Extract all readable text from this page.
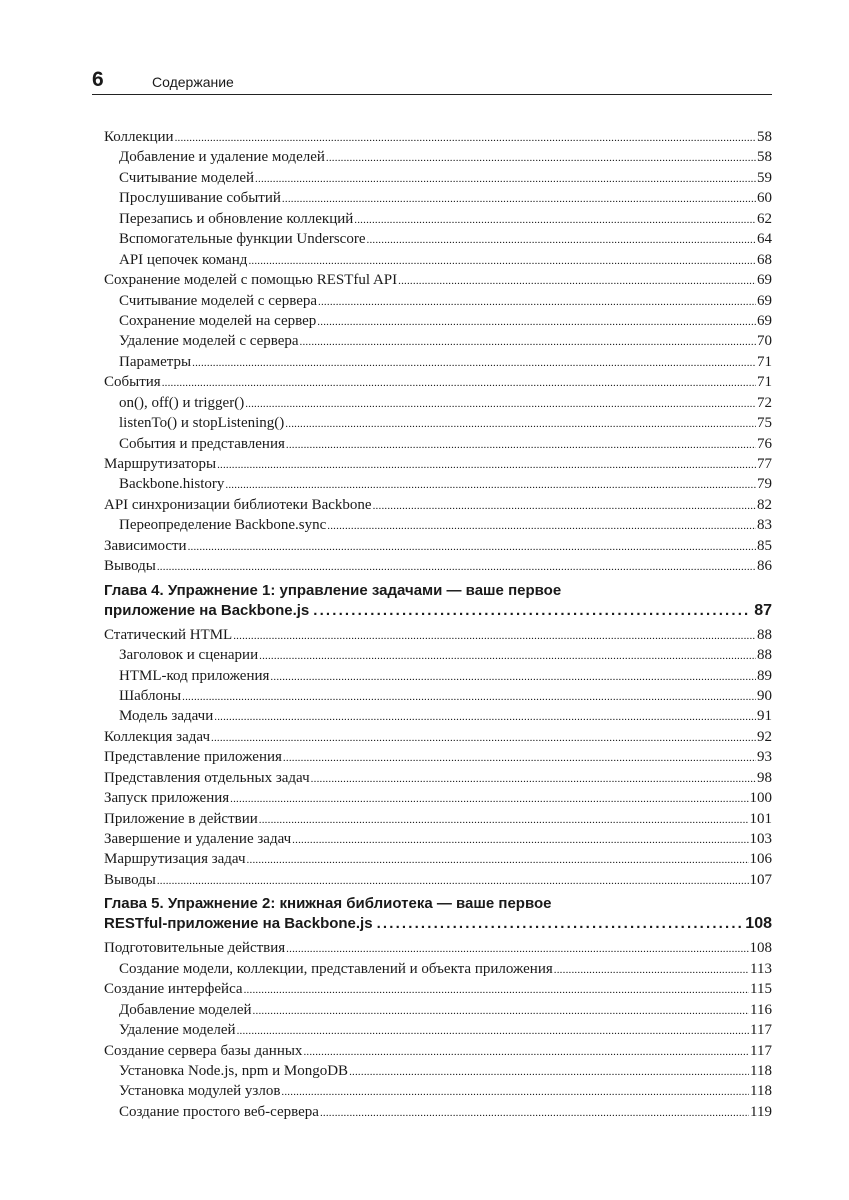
6	Содержание
Коллекции .....	58
Добавление и удаление моделей .....	58
Считывание моделей .....	59
Прослушивание событий .....	60
Перезапись и обновление коллекций .....	62
Вспомогательные функции Underscore .....	64
API цепочек команд .....	68
Сохранение моделей с помощью RESTful API .....	69
Считывание моделей с сервера .....	69
Сохранение моделей на сервер .....	69
Удаление моделей с сервера .....	70
Параметры .....	71
События .....	71
on(), off() и trigger() .....	72
listenTo() и stopListening() .....	75
События и представления .....	76
Маршрутизаторы .....	77
Backbone.history .....	79
API синхронизации библиотеки Backbone .....	82
Переопределение Backbone.sync .....	83
Зависимости .....	85
Выводы .....	86
Глава 4. Упражнение 1: управление задачами — ваше первое
приложение на Backbone.js . . .	87
Статический HTML .....	88
Заголовок и сценарии .....	88
HTML-код приложения .....	89
Шаблоны .....	90
Модель задачи .....	91
Коллекция задач .....	92
Представление приложения .....	93
Представления отдельных задач .....	98
Запуск приложения .....	100
Приложение в действии .....	101
Завершение и удаление задач .....	103
Маршрутизация задач .....	106
Выводы .....	107
Глава 5. Упражнение 2: книжная библиотека — ваше первое
RESTful-приложение на Backbone.js . . .	108
Подготовительные действия .....	108
Создание модели, коллекции, представлений и объекта приложения .....	113
Создание интерфейса .....	115
Добавление моделей .....	116
Удаление моделей .....	117
Создание сервера базы данных .....	117
Установка Node.js, npm и MongoDB .....	118
Установка модулей узлов .....	118
Создание простого веб-сервера .....	119
